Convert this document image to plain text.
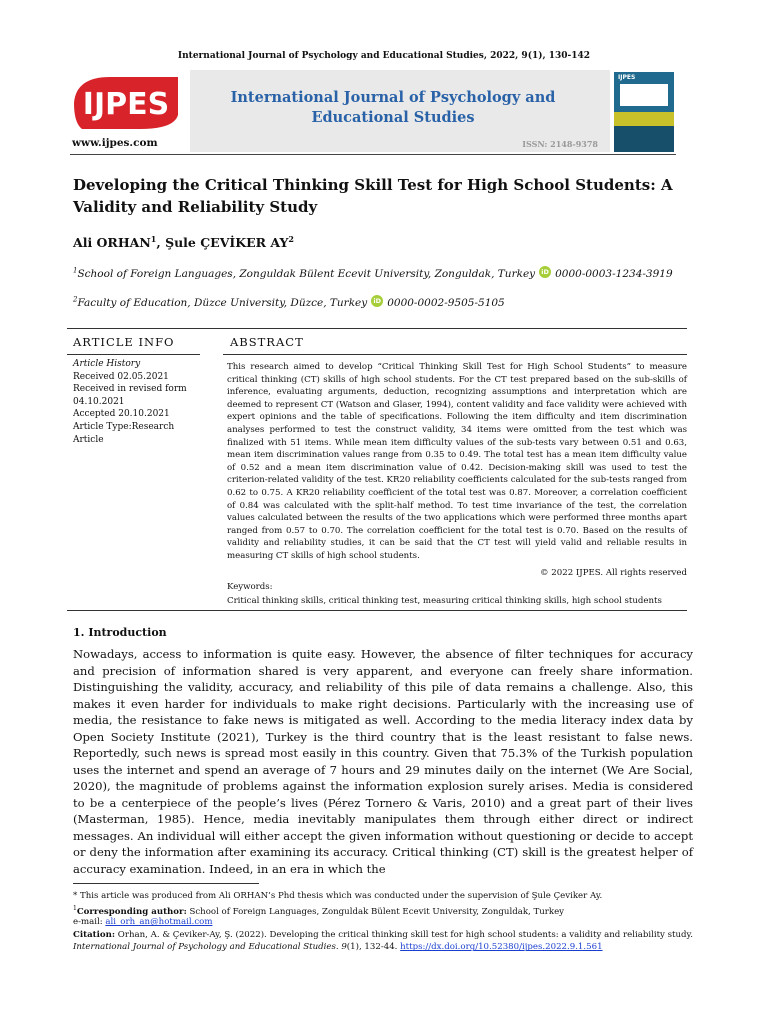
International Journal of Psychology and Educational Studies, 2022, 9(1), 130-142
IJPES	International Journal of Psychology and Educational Studies
ISSN: 2148-9378
www.ijpes.com
IJPES
Developing the Critical Thinking Skill Test for High School Students: A Validity and Reliability Study
Ali ORHAN$^1$, Şule ÇEVİKER $AY^2$
$^1$School of Foreign Languages, Zonguldak Bülent Ecevit University, Zonguldak, Turkey iD 0000-0003-1234-3919
$^2$Faculty of Education, Düzce University, Düzce, Turkey iD 0000-0002-9505-5105
ARTICLE INFO	ABSTRACT
Article History
Received 02.05.2021
Received in revised form
04.10.2021
Accepted 20.10.2021
Article Type:Research
Article
This research aimed to develop “Critical Thinking Skill Test for High School Students” to measure critical thinking (CT) skills of high school students. For the CT test prepared based on the sub-skills of inference, evaluating arguments, deduction, recognizing assumptions and interpretation which are deemed to represent CT (Watson and Glaser, 1994), content validity and face validity were achieved with expert opinions and the table of specifications. Following the item difficulty and item discrimination analyses performed to test the construct validity, 34 items were omitted from the test which was finalized with 51 items. While mean item difficulty values of the sub-tests vary between 0.51 and 0.63, mean item discrimination values range from 0.35 to 0.49. The total test has a mean item difficulty value of 0.52 and a mean item discrimination value of 0.42. Decision-making skill was used to test the criterion-related validity of the test. KR20 reliability coefficients calculated for the sub-tests ranged from 0.62 to 0.75. A KR20 reliability coefficient of the total test was 0.87. Moreover, a correlation coefficient of 0.84 was calculated with the split-half method. To test time invariance of the test, the correlation values calculated between the results of the two applications which were performed three months apart ranged from 0.57 to 0.70. The correlation coefficient for the total test is 0.70. Based on the results of validity and reliability studies, it can be said that the CT test will yield valid and reliable results in measuring CT skills of high school students.
© 2022 IJPES. All rights reserved
Keywords:
Critical thinking skills, critical thinking test, measuring critical thinking skills, high school students
1. Introduction
Nowadays, access to information is quite easy. However, the absence of filter techniques for accuracy and precision of information shared is very apparent, and everyone can freely share information. Distinguishing the validity, accuracy, and reliability of this pile of data remains a challenge. Also, this makes it even harder for individuals to make right decisions. Particularly with the increasing use of media, the resistance to fake news is mitigated as well. According to the media literacy index data by Open Society Institute (2021), Turkey is the third country that is the least resistant to false news. Reportedly, such news is spread most easily in this country. Given that 75.3% of the Turkish population uses the internet and spend an average of 7 hours and 29 minutes daily on the internet (We Are Social, 2020), the magnitude of problems against the information explosion surely arises. Media is considered to be a centerpiece of the people’s lives (Pérez Tornero & Varis, 2010) and a great part of their lives (Masterman, 1985). Hence, media inevitably manipulates them through either direct or indirect messages. An individual will either accept the given information without questioning or decide to accept or deny the information after examining its accuracy. Critical thinking (CT) skill is the greatest helper of accuracy examination. Indeed, in an era in which the
* This article was produced from Ali ORHAN’s Phd thesis which was conducted under the supervision of Şule Çeviker Ay.
$^1$Corresponding author: School of Foreign Languages, Zonguldak Bülent Ecevit University, Zonguldak, Turkey
e-mail: ali_orh_an@hotmail.com
Citation: Orhan, A. & Çeviker-Ay, Ş. (2022). Developing the critical thinking skill test for high school students: a validity and reliability study. International Journal of Psychology and Educational Studies. 9(1), 132-44. https://dx.doi.org/10.52380/ijpes.2022.9.1.561
